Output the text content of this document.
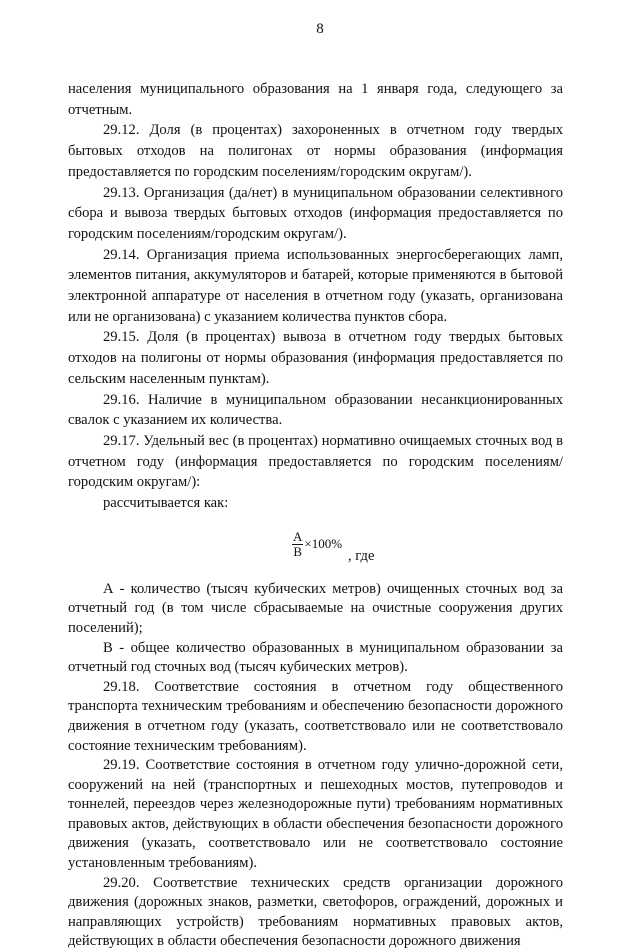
8

населения муниципального образования на 1 января года, следующего за отчетным.

29.12. Доля (в процентах) захороненных в отчетном году твердых бытовых отходов на полигонах от нормы образования (информация предоставляется по городским поселениям/городским округам/).

29.13. Организация (да/нет) в муниципальном образовании селективного сбора и вывоза твердых бытовых отходов (информация предоставляется по городским поселениям/городским округам/).

29.14. Организация приема использованных энергосберегающих ламп, элементов питания, аккумуляторов и батарей, которые применяются в бытовой электронной аппаратуре от населения в отчетном году (указать, организована или не организована) с указанием количества пунктов сбора.

29.15. Доля (в процентах) вывоза в отчетном году твердых бытовых отходов на полигоны от нормы образования (информация предоставляется по сельским населенным пунктам).

29.16. Наличие в муниципальном образовании несанкционированных свалок с указанием их количества.

29.17. Удельный вес (в процентах) нормативно очищаемых сточных вод в отчетном году (информация предоставляется по городским поселениям/городским округам/):

рассчитывается как:

$\frac{А}{В} \times 100\%$
, где

А - количество (тысяч кубических метров) очищенных сточных вод за отчетный год (в том числе сбрасываемые на очистные сооружения других поселений);

В - общее количество образованных в муниципальном образовании за отчетный год сточных вод (тысяч кубических метров).

29.18. Соответствие состояния в отчетном году общественного транспорта техническим требованиям и обеспечению безопасности дорожного движения в отчетном году (указать, соответствовало или не соответствовало состояние техническим требованиям).

29.19. Соответствие состояния в отчетном году улично-дорожной сети, сооружений на ней (транспортных и пешеходных мостов, путепроводов и тоннелей, переездов через железнодорожные пути) требованиям нормативных правовых актов, действующих в области обеспечения безопасности дорожного движения (указать, соответствовало или не соответствовало состояние установленным требованиям).

29.20. Соответствие технических средств организации дорожного движения (дорожных знаков, разметки, светофоров, ограждений, дорожных и направляющих устройств) требованиям нормативных правовых актов, действующих в области обеспечения безопасности дорожного движения
